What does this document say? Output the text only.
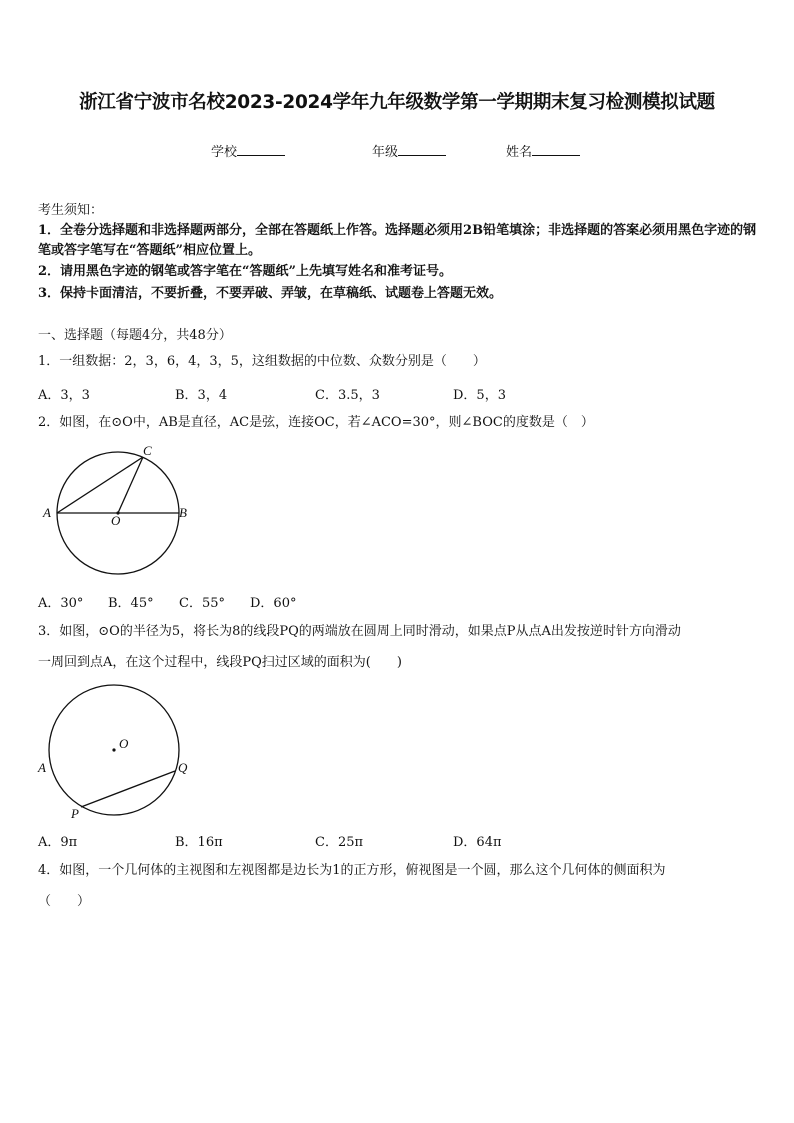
浙江省宁波市名校2023-2024学年九年级数学第一学期期末复习检测模拟试题
学校	年级	姓名
考生须知：
1．全卷分选择题和非选择题两部分，全部在答题纸上作答。选择题必须用2B铅笔填涂；非选择题的答案必须用黑色字迹的钢笔或答字笔写在“答题纸”相应位置上。
2．请用黑色字迹的钢笔或答字笔在“答题纸”上先填写姓名和准考证号。
3．保持卡面清洁，不要折叠，不要弄破、弄皱，在草稿纸、试题卷上答题无效。
一、选择题（每题4分，共48分）
1．一组数据：2，3，6，4，3，5，这组数据的中位数、众数分别是（　　）
A．3，3	B．3，4	C．3.5，3	D．5，3
2．如图，在⊙O中，AB是直径，AC是弦，连接OC，若∠ACO=30°，则∠BOC的度数是（　）
A	B
C
O
A．30° B．45° C．55° D．60°
3．如图，⊙O的半径为5，将长为8的线段PQ的两端放在圆周上同时滑动，如果点P从点A出发按逆时针方向滑动
一周回到点A，在这个过程中，线段PQ扫过区域的面积为(　　)
O
A	Q
P
A．9π	B．16π	C．25π	D．64π
4．如图，一个几何体的主视图和左视图都是边长为1的正方形，俯视图是一个圆，那么这个几何体的侧面积为
（　　）
